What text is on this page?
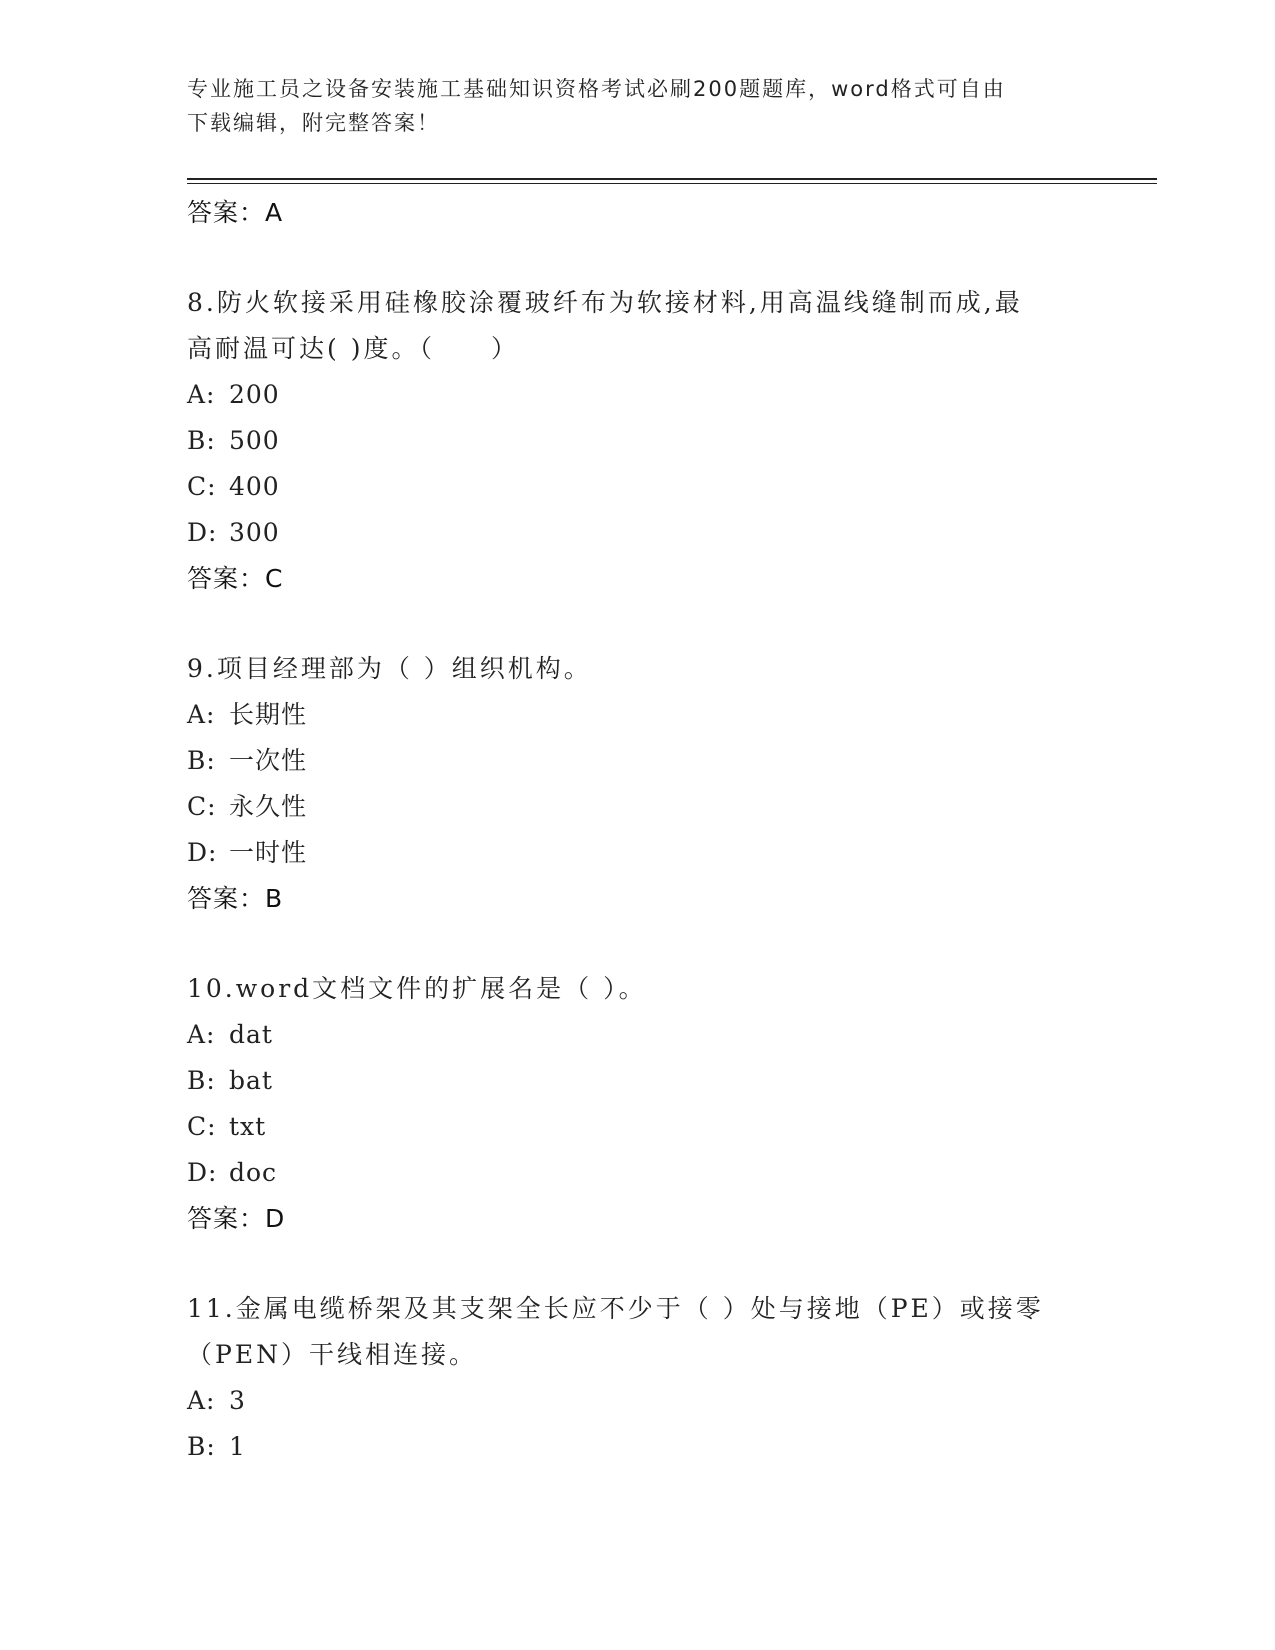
专业施工员之设备安装施工基础知识资格考试必刷200题题库，word格式可自由
下载编辑，附完整答案！
答案：A
8.防火软接采用硅橡胶涂覆玻纤布为软接材料,用高温线缝制而成,最
高耐温可达( )度。（　　）
A: 200
B: 500
C: 400
D: 300
答案：C
9.项目经理部为（ ）组织机构。
A: 长期性
B: 一次性
C: 永久性
D: 一时性
答案：B
10.word文档文件的扩展名是（ ）。
A: dat
B: bat
C: txt
D: doc
答案：D
11.金属电缆桥架及其支架全长应不少于（ ）处与接地（PE）或接零
（PEN）干线相连接。
A: 3
B: 1
